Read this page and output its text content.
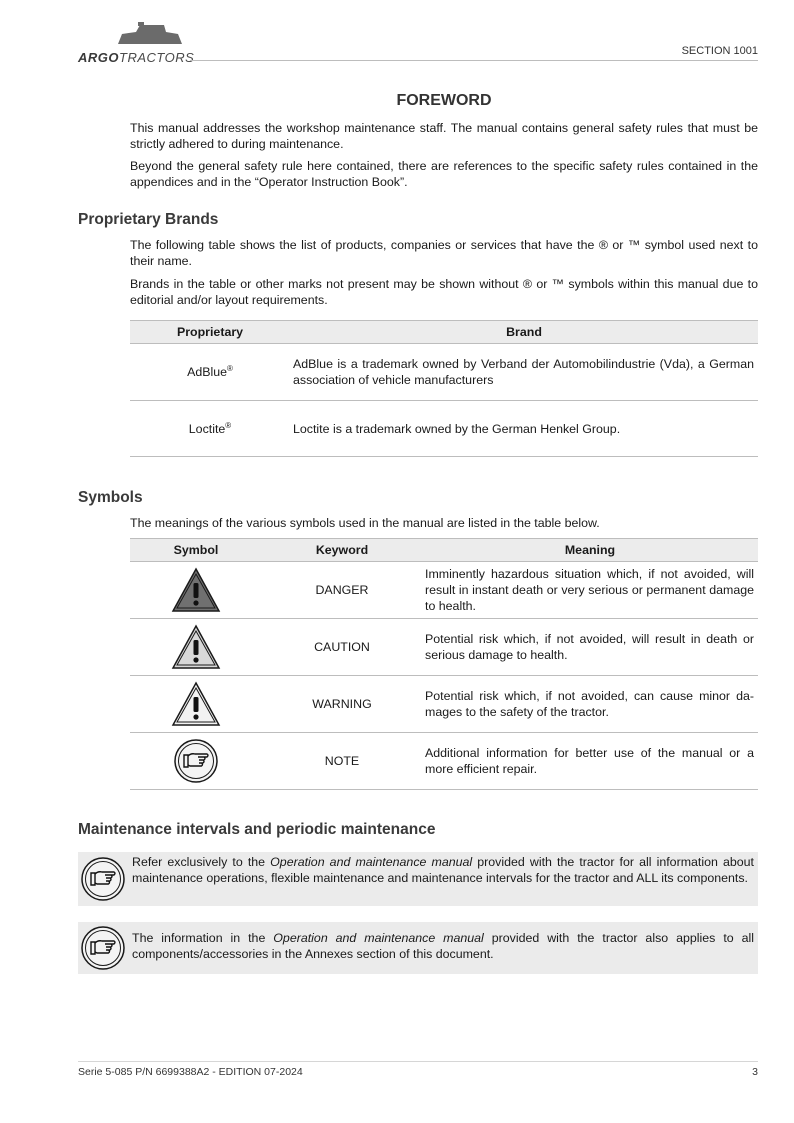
ARGOTRACTORS	SECTION 1001
FOREWORD

This manual addresses the workshop maintenance staff. The manual contains general safety rules that must be strictly adhered to during maintenance.

Beyond the general safety rule here contained, there are references to the specific safety rules contained in the appendices and in the “Operator Instruction Book”.

Proprietary Brands

The following table shows the list of products, companies or services that have the ® or ™ symbol used next to their name.

Brands in the table or other marks not present may be shown without ® or ™ symbols within this manual due to editorial and/or layout requirements.

Proprietary	Brand
AdBlue®	AdBlue is a trademark owned by Verband der Automobilindustrie (Vda), a German association of vehicle manufacturers
Loctite®	Loctite is a trademark owned by the German Henkel Group.
Symbols

The meanings of the various symbols used in the manual are listed in the table below.

Symbol	Keyword	Meaning

	DANGER	Imminently hazardous situation which, if not avoided, will result in instant death or very serious or permanent damage to health.

	CAUTION	Potential risk which, if not avoided, will result in death or serious damage to health.

	WARNING	Potential risk which, if not avoided, can cause minor damages to the safety of the tractor.

	NOTE	Additional information for better use of the manual or a more efficient repair.
Maintenance intervals and periodic maintenance

Refer exclusively to the Operation and maintenance manual provided with the tractor for all information about maintenance operations, flexible maintenance and maintenance intervals for the tractor and ALL its components.

The information in the Operation and maintenance manual provided with the tractor also applies to all components/accessories in the Annexes section of this document.

Serie 5-085 P/N 6699388A2 - EDITION 07-2024	3
